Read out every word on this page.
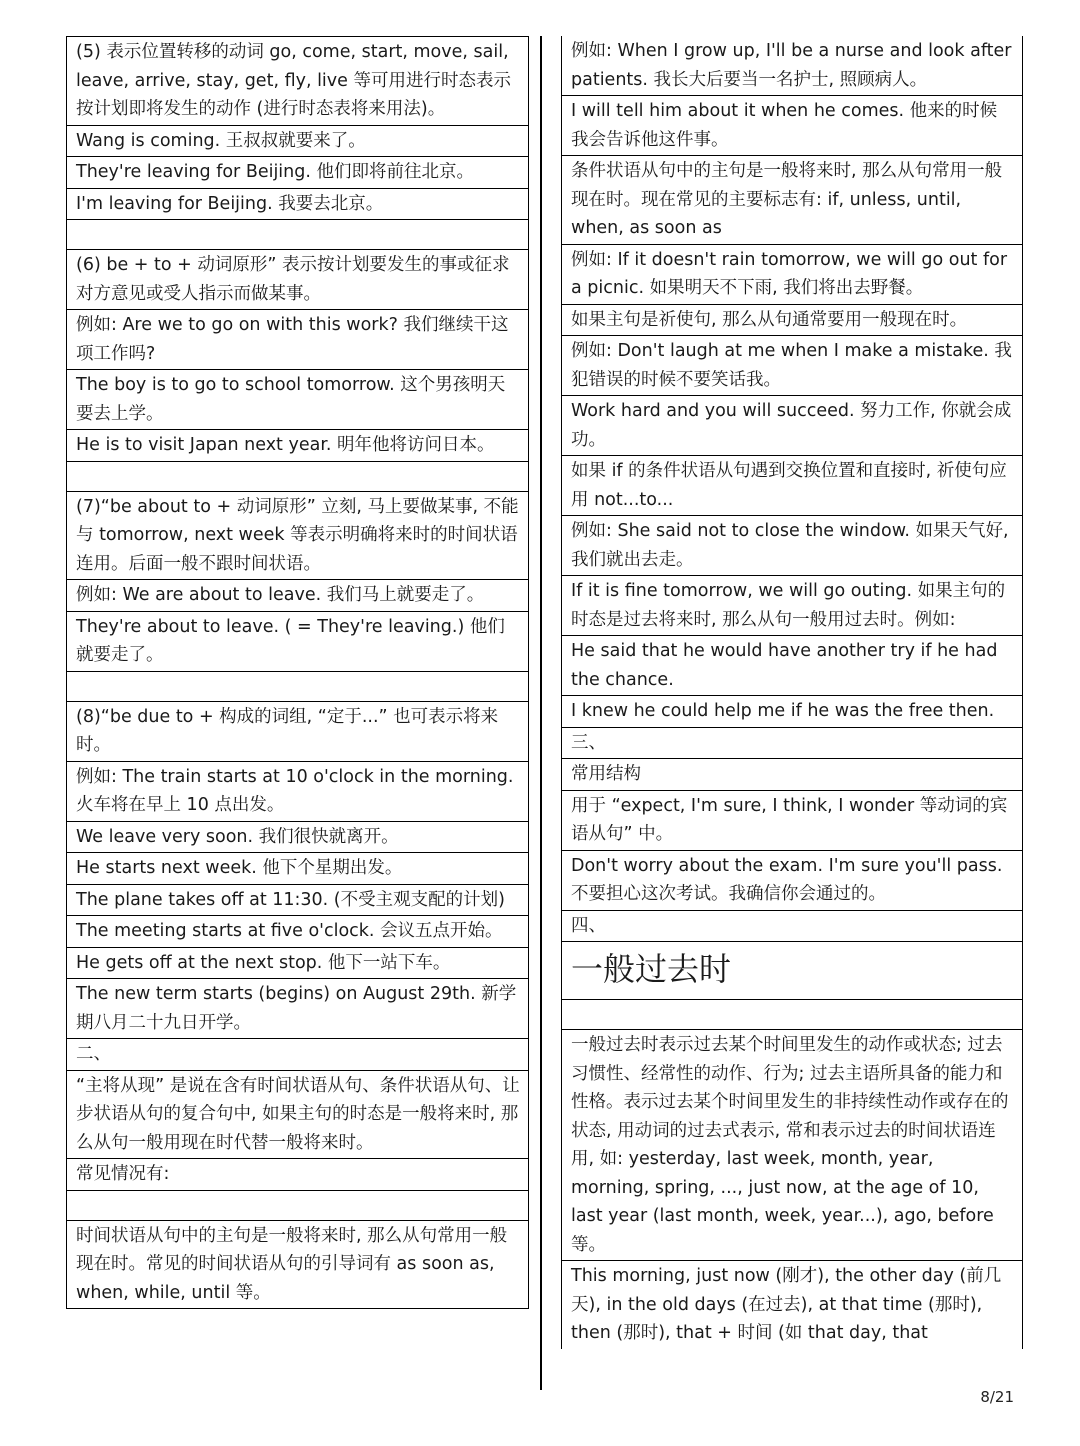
(5) 表示位置转移的动词 go, come, start, move, sail, leave, arrive, stay, get, fly, live 等可用进行时态表示按计划即将发生的动作 (进行时态表将来用法)。
Wang is coming. 王叔叔就要来了。
They're leaving for Beijing. 他们即将前往北京。
I'm leaving for Beijing. 我要去北京。
(6) be + to + 动词原形” 表示按计划要发生的事或征求对方意见或受人指示而做某事。
例如: Are we to go on with this work? 我们继续干这项工作吗?
The boy is to go to school tomorrow. 这个男孩明天要去上学。
He is to visit Japan next year. 明年他将访问日本。
(7)“be about to + 动词原形” 立刻, 马上要做某事, 不能与 tomorrow, next week 等表示明确将来时的时间状语连用。后面一般不跟时间状语。
例如: We are about to leave. 我们马上就要走了。
They're about to leave. ( = They're leaving.) 他们就要走了。
(8)“be due to + 构成的词组, “定于...” 也可表示将来时。
例如: The train starts at 10 o'clock in the morning. 火车将在早上 10 点出发。
We leave very soon. 我们很快就离开。
He starts next week. 他下个星期出发。
The plane takes off at 11:30. (不受主观支配的计划)
The meeting starts at five o'clock. 会议五点开始。
He gets off at the next stop. 他下一站下车。
The new term starts (begins) on August 29th. 新学期八月二十九日开学。
二、
“主将从现” 是说在含有时间状语从句、条件状语从句、让步状语从句的复合句中, 如果主句的时态是一般将来时, 那么从句一般用现在时代替一般将来时。
常见情况有:
时间状语从句中的主句是一般将来时, 那么从句常用一般现在时。常见的时间状语从句的引导词有 as soon as, when, while, until 等。
例如: When I grow up, I'll be a nurse and look after patients. 我长大后要当一名护士, 照顾病人。
I will tell him about it when he comes. 他来的时候我会告诉他这件事。
条件状语从句中的主句是一般将来时, 那么从句常用一般现在时。现在常见的主要标志有: if, unless, until, when, as soon as
例如: If it doesn't rain tomorrow, we will go out for a picnic. 如果明天不下雨, 我们将出去野餐。
如果主句是祈使句, 那么从句通常要用一般现在时。
例如: Don't laugh at me when I make a mistake. 我犯错误的时候不要笑话我。
Work hard and you will succeed. 努力工作, 你就会成功。
如果 if 的条件状语从句遇到交换位置和直接时, 祈使句应用 not...to...
例如: She said not to close the window. 如果天气好, 我们就出去走。
If it is fine tomorrow, we will go outing. 如果主句的时态是过去将来时, 那么从句一般用过去时。例如:
He said that he would have another try if he had the chance.
I knew he could help me if he was the free then.
三、
常用结构
用于 “expect, I'm sure, I think, I wonder 等动词的宾语从句” 中。
Don't worry about the exam. I'm sure you'll pass. 不要担心这次考试。我确信你会通过的。
四、
一般过去时
一般过去时表示过去某个时间里发生的动作或状态; 过去习惯性、经常性的动作、行为; 过去主语所具备的能力和性格。表示过去某个时间里发生的非持续性动作或存在的状态, 用动词的过去式表示, 常和表示过去的时间状语连用, 如: yesterday, last week, month, year, morning, spring, ..., just now, at the age of 10, last year (last month, week, year...), ago, before 等。
This morning, just now (刚才), the other day (前几天), in the old days (在过去), at that time (那时), then (那时), that + 时间 (如 that day, that
8/21
